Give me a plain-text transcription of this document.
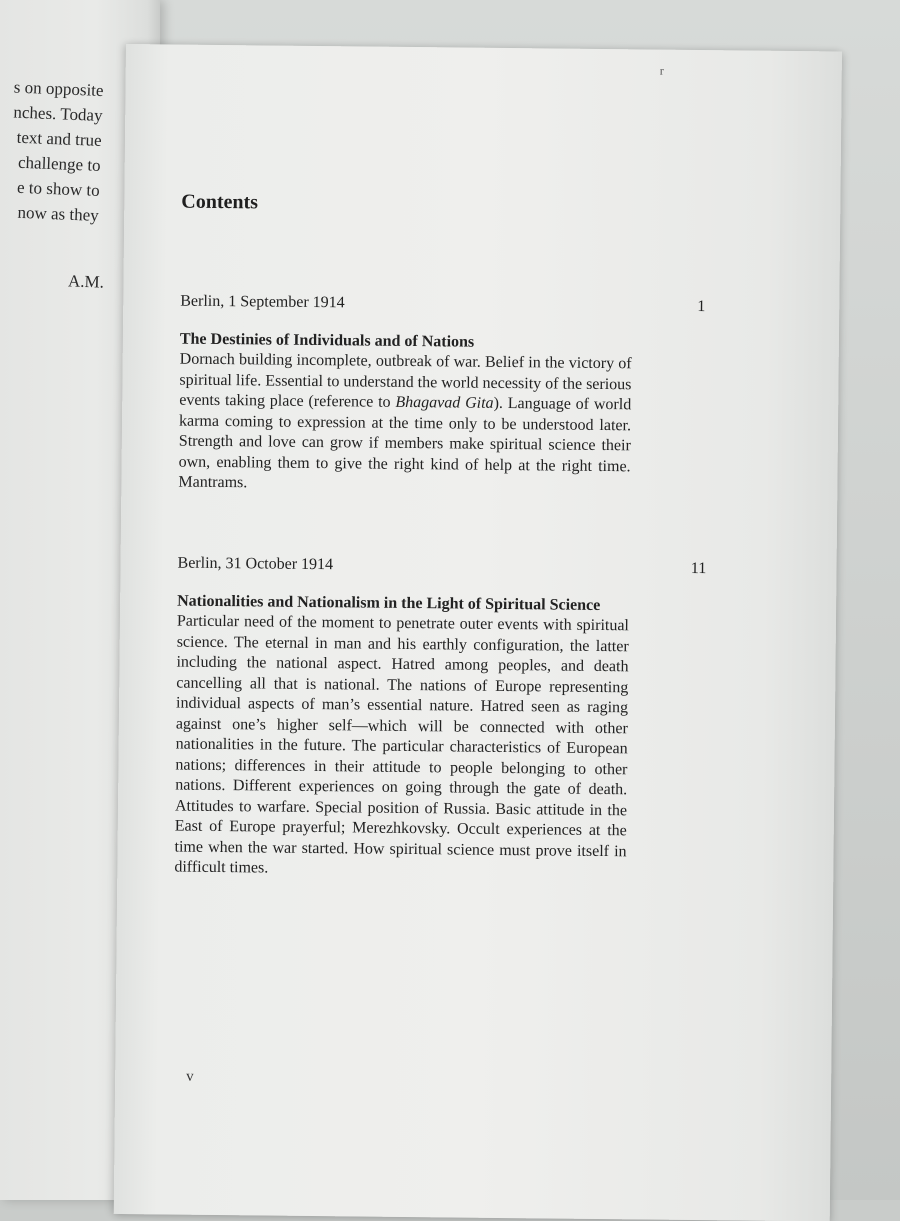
s on opposite
nches. Today
text and true
challenge to
e to show to
now as they
A.M.
r
Contents
Berlin, 1 September 1914	1

The Destinies of Individuals and of Nations

Dornach building incomplete, outbreak of war. Belief in the victory of spiritual life. Essential to understand the world necessity of the serious events taking place (reference to Bhagavad Gita). Language of world karma coming to expression at the time only to be understood later. Strength and love can grow if members make spiritual science their own, enabling them to give the right kind of help at the right time. Mantrams.

Berlin, 31 October 1914	11

Nationalities and Nationalism in the Light of Spiritual Science

Particular need of the moment to penetrate outer events with spiritual science. The eternal in man and his earthly configuration, the latter including the national aspect. Hatred among peoples, and death cancelling all that is national. The nations of Europe representing individual aspects of man’s essential nature. Hatred seen as raging against one’s higher self—which will be connected with other nationalities in the future. The particular characteristics of European nations; differences in their attitude to people belonging to other nations. Different experiences on going through the gate of death. Attitudes to warfare. Special position of Russia. Basic attitude in the East of Europe prayerful; Merezhkovsky. Occult experiences at the time when the war started. How spiritual science must prove itself in difficult times.

v
